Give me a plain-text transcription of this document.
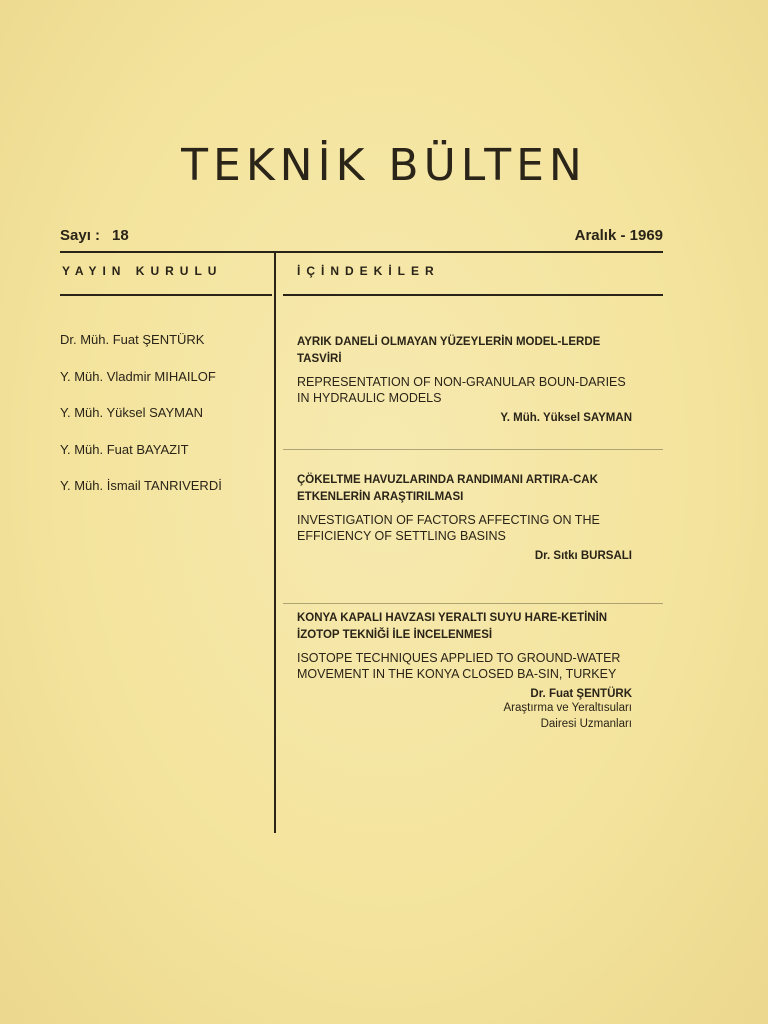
TEKNİK BÜLTEN
Sayı : 18	Aralık - 1969
YAYIN KURULU	İÇİNDEKİLER
Dr. Müh. Fuat ŞENTÜRK
Y. Müh. Vladmir MIHAILOF
Y. Müh. Yüksel SAYMAN
Y. Müh. Fuat BAYAZIT
Y. Müh. İsmail TANRIVERDİ
AYRIK DANELİ OLMAYAN YÜZEYLERİN MODEL-LERDE TASVİRİ
REPRESENTATION OF NON-GRANULAR BOUN-DARIES IN HYDRAULIC MODELS
Y. Müh. Yüksel SAYMAN
ÇÖKELTME HAVUZLARINDA RANDIMANI ARTIRA-CAK ETKENLERİN ARAŞTIRILMASI
INVESTIGATION OF FACTORS AFFECTING ON THE EFFICIENCY OF SETTLING BASINS
Dr. Sıtkı BURSALI
KONYA KAPALI HAVZASI YERALTI SUYU HARE-KETİNİN İZOTOP TEKNİĞİ İLE İNCELENMESİ
ISOTOPE TECHNIQUES APPLIED TO GROUND-WATER MOVEMENT IN THE KONYA CLOSED BA-SIN, TURKEY
Dr. Fuat ŞENTÜRK
Araştırma ve Yeraltısuları
Dairesi Uzmanları
